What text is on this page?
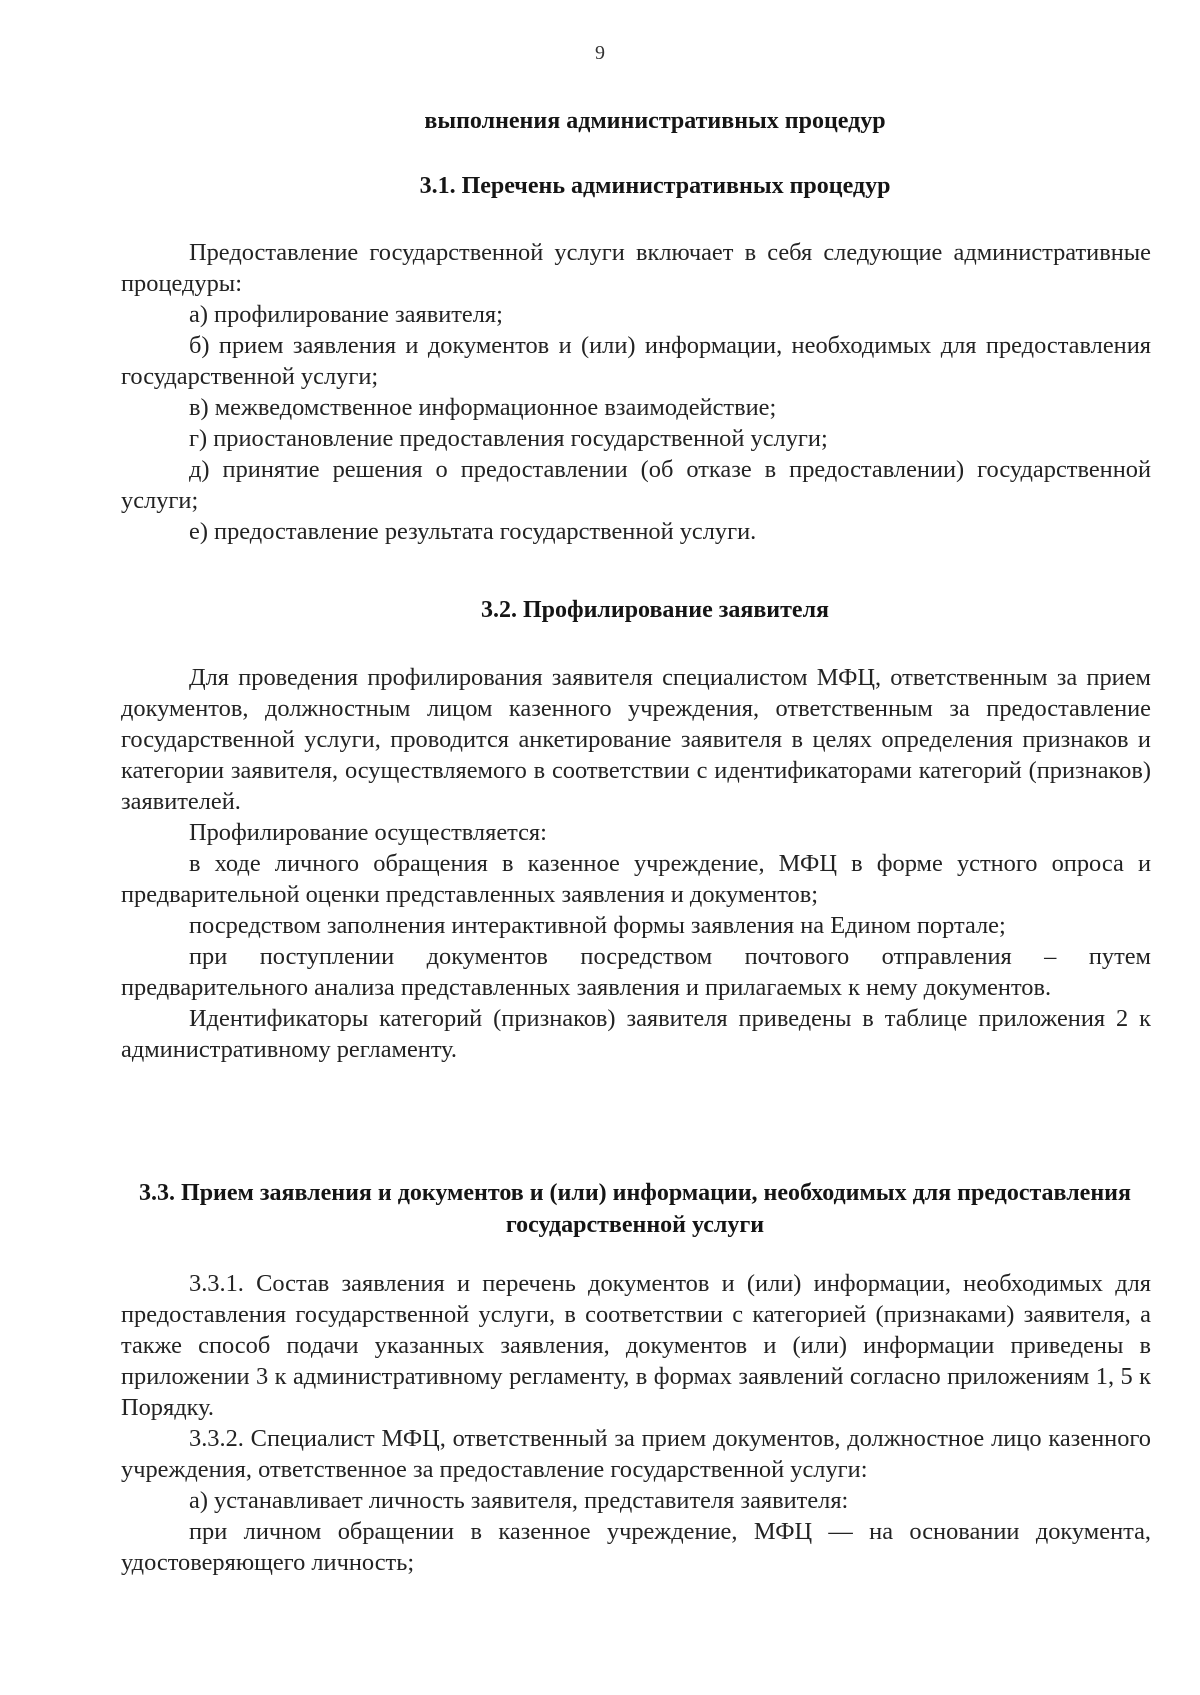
9
выполнения административных процедур
3.1. Перечень административных процедур

Предоставление государственной услуги включает в себя следующие административные процедуры:

а) профилирование заявителя;

б) прием заявления и документов и (или) информации, необходимых для предоставления государственной услуги;

в) межведомственное информационное взаимодействие;

г) приостановление предоставления государственной услуги;

д) принятие решения о предоставлении (об отказе в предоставлении) государственной услуги;

е) предоставление результата государственной услуги.

3.2. Профилирование заявителя

Для проведения профилирования заявителя специалистом МФЦ, ответственным за прием документов, должностным лицом казенного учреждения, ответственным за предоставление государственной услуги, проводится анкетирование заявителя в целях определения признаков и категории заявителя, осуществляемого в соответствии с идентификаторами категорий (признаков) заявителей.

Профилирование осуществляется:

в ходе личного обращения в казенное учреждение, МФЦ в форме устного опроса и предварительной оценки представленных заявления и документов;

посредством заполнения интерактивной формы заявления на Едином портале;

при поступлении документов посредством почтового отправления – путем предварительного анализа представленных заявления и прилагаемых к нему документов.

Идентификаторы категорий (признаков) заявителя приведены в таблице приложения 2 к административному регламенту.

3.3. Прием заявления и документов и (или) информации, необходимых для предоставления государственной услуги

3.3.1. Состав заявления и перечень документов и (или) информации, необходимых для предоставления государственной услуги, в соответствии с категорией (признаками) заявителя, а также способ подачи указанных заявления, документов и (или) информации приведены в приложении 3 к административному регламенту, в формах заявлений согласно приложениям 1, 5 к Порядку.

3.3.2. Специалист МФЦ, ответственный за прием документов, должностное лицо казенного учреждения, ответственное за предоставление государственной услуги:

а) устанавливает личность заявителя, представителя заявителя:

при личном обращении в казенное учреждение, МФЦ — на основании документа, удостоверяющего личность;
